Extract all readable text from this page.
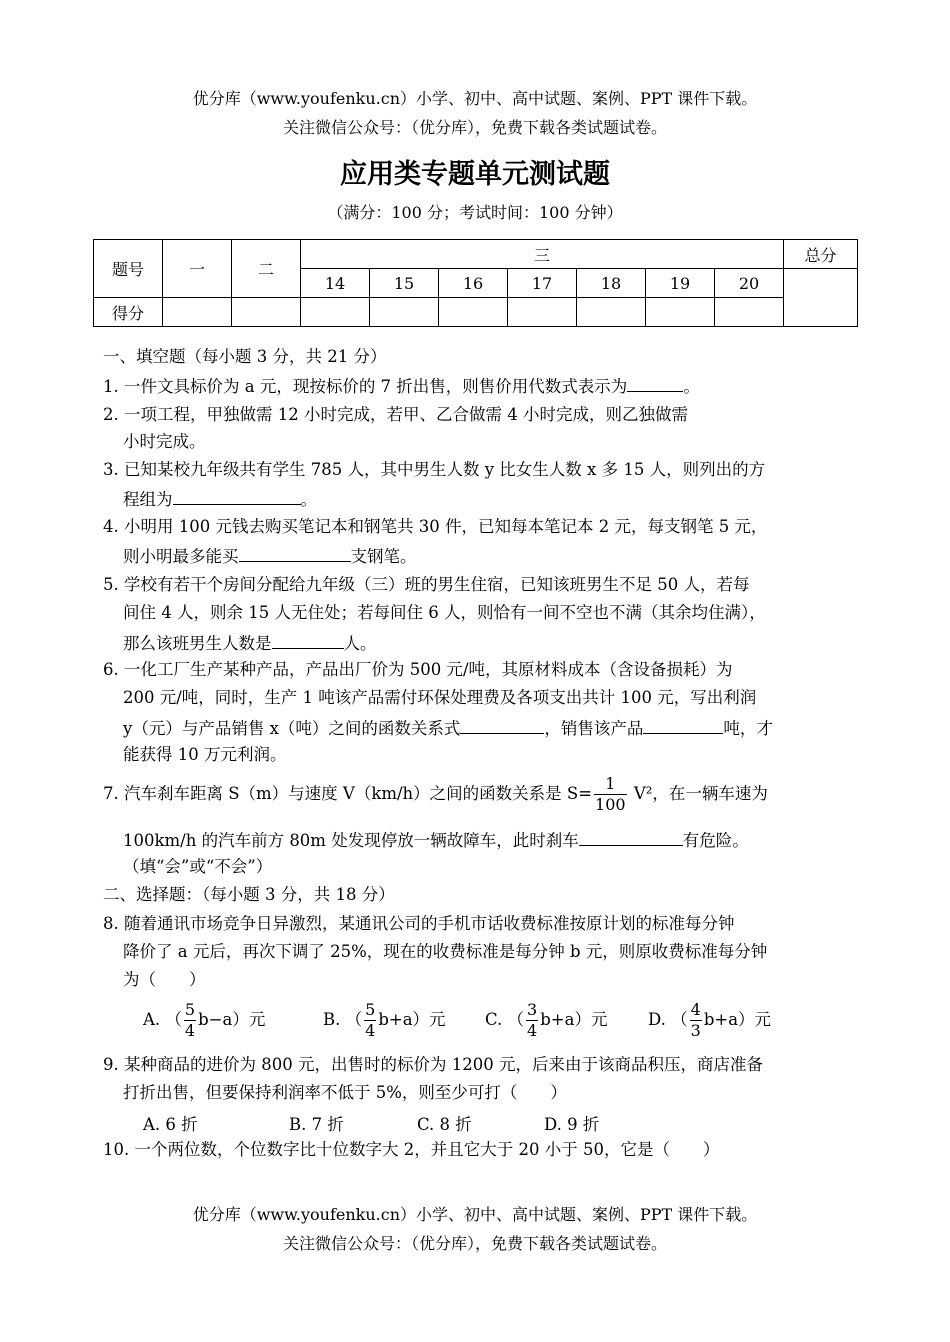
优分库（www.youfenku.cn）小学、初中、高中试题、案例、PPT 课件下载。
关注微信公众号：（优分库），免费下载各类试题试卷。
应用类专题单元测试题
（满分：100 分；考试时间：100 分钟）
题号	一	二	三							总分
			14	15	16	17	18	19	20	
得分										
一、填空题（每小题 3 分，共 21 分）
1. 一件文具标价为 a 元，现按标价的 7 折出售，则售价用代数式表示为	。
2. 一项工程，甲独做需 12 小时完成，若甲、乙合做需 4 小时完成，则乙独做需
小时完成。
3. 已知某校九年级共有学生 785 人，其中男生人数 y 比女生人数 x 多 15 人，则列出的方
程组为	。
4. 小明用 100 元钱去购买笔记本和钢笔共 30 件，已知每本笔记本 2 元，每支钢笔 5 元，
则小明最多能买	支钢笔。
5. 学校有若干个房间分配给九年级（三）班的男生住宿，已知该班男生不足 50 人，若每
间住 4 人，则余 15 人无住处；若每间住 6 人，则恰有一间不空也不满（其余均住满），
那么该班男生人数是	人。
6. 一化工厂生产某种产品，产品出厂价为 500 元/吨，其原材料成本（含设备损耗）为
200 元/吨，同时，生产 1 吨该产品需付环保处理费及各项支出共计 100 元，写出利润
y（元）与产品销售 x（吨）之间的函数关系式	，销售该产品	吨，才
能获得 10 万元利润。
7. 汽车刹车距离 S（m）与速度 V（km/h）之间的函数关系是 $S= \frac{1}{100} V^2$，在一辆车速为
100km/h 的汽车前方 80m 处发现停放一辆故障车，此时刹车	有危险。
（填“会”或“不会”）
二、选择题：（每小题 3 分，共 18 分）
8. 随着通讯市场竞争日异激烈，某通讯公司的手机市话收费标准按原计划的标准每分钟
降价了 a 元后，再次下调了 25%，现在的收费标准是每分钟 b 元，则原收费标准每分钟
为（　　）
A. （ $\frac{5}{4} b-a$）元	B. （ $\frac{5}{4} b+a$）元 C. （ $\frac{3}{4} b+a$）元 D. （ $\frac{4}{3} b+a$）元
9. 某种商品的进价为 800 元，出售时的标价为 1200 元，后来由于该商品积压，商店准备
打折出售，但要保持利润率不低于 5%，则至少可打（　　）
A. 6 折	B. 7 折	C. 8 折	D. 9 折
10. 一个两位数，个位数字比十位数字大 2，并且它大于 20 小于 50，它是（　　）
优分库（www.youfenku.cn）小学、初中、高中试题、案例、PPT 课件下载。
关注微信公众号：（优分库），免费下载各类试题试卷。
